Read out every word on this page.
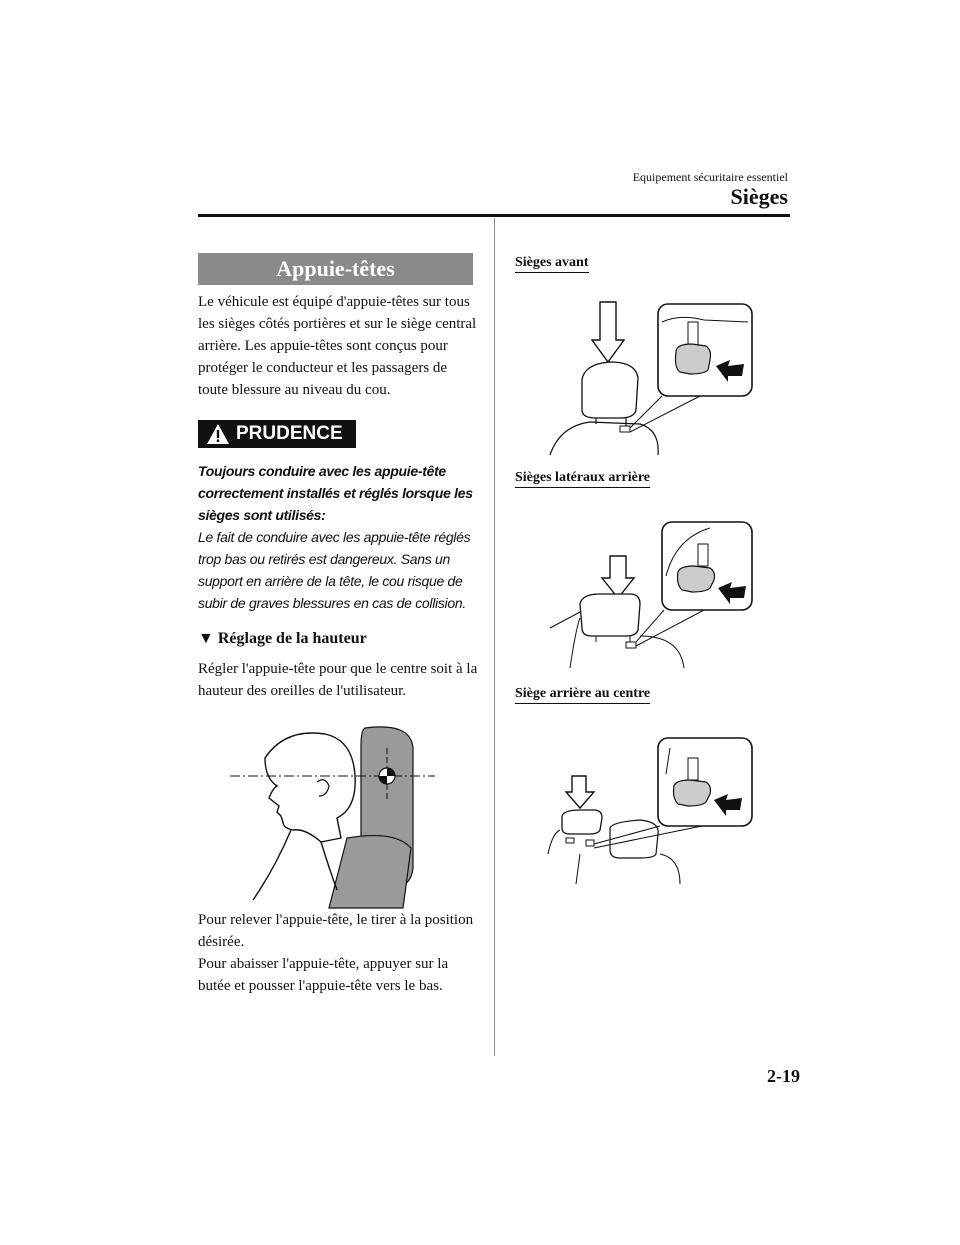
Equipement sécuritaire essentiel
Sièges
Appuie-têtes
Le véhicule est équipé d'appuie-têtes sur tous les sièges côtés portières et sur le siège central arrière. Les appuie-têtes sont conçus pour protéger le conducteur et les passagers de toute blessure au niveau du cou.
PRUDENCE
Toujours conduire avec les appuie-tête correctement installés et réglés lorsque les sièges sont utilisés:
Le fait de conduire avec les appuie-tête réglés trop bas ou retirés est dangereux. Sans un support en arrière de la tête, le cou risque de subir de graves blessures en cas de collision.
▼ Réglage de la hauteur
Régler l'appuie-tête pour que le centre soit à la hauteur des oreilles de l'utilisateur.
Pour relever l'appuie-tête, le tirer à la position désirée.
Pour abaisser l'appuie-tête, appuyer sur la butée et pousser l'appuie-tête vers le bas.
Sièges avant
Sièges latéraux arrière
Siège arrière au centre
2-19
